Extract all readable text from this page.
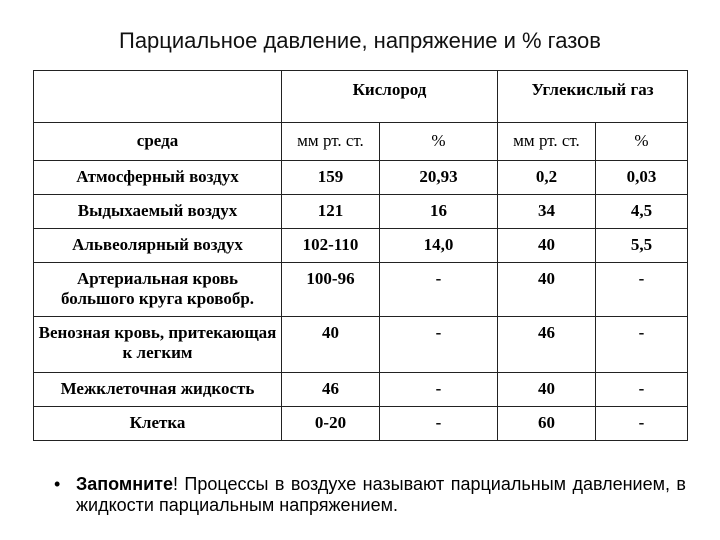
Парциальное давление, напряжение и % газов
	Кислород		Углекислый газ	
среда	мм рт. ст.	%	мм рт. ст.	%
Атмосферный воздух	159	20,93	0,2	0,03
Выдыхаемый воздух	121	16	34	4,5
Альвеолярный воздух	102-110	14,0	40	5,5
Артериальная кровь большого круга кровобр.	100-96	-	40	-
Венозная кровь, притекающая к легким	40	-	46	-
Межклеточная жидкость	46	-	40	-
Клетка	0-20	-	60	-
• Запомните! Процессы в воздухе называют парциальным давлением, в жидкости парциальным напряжением.
